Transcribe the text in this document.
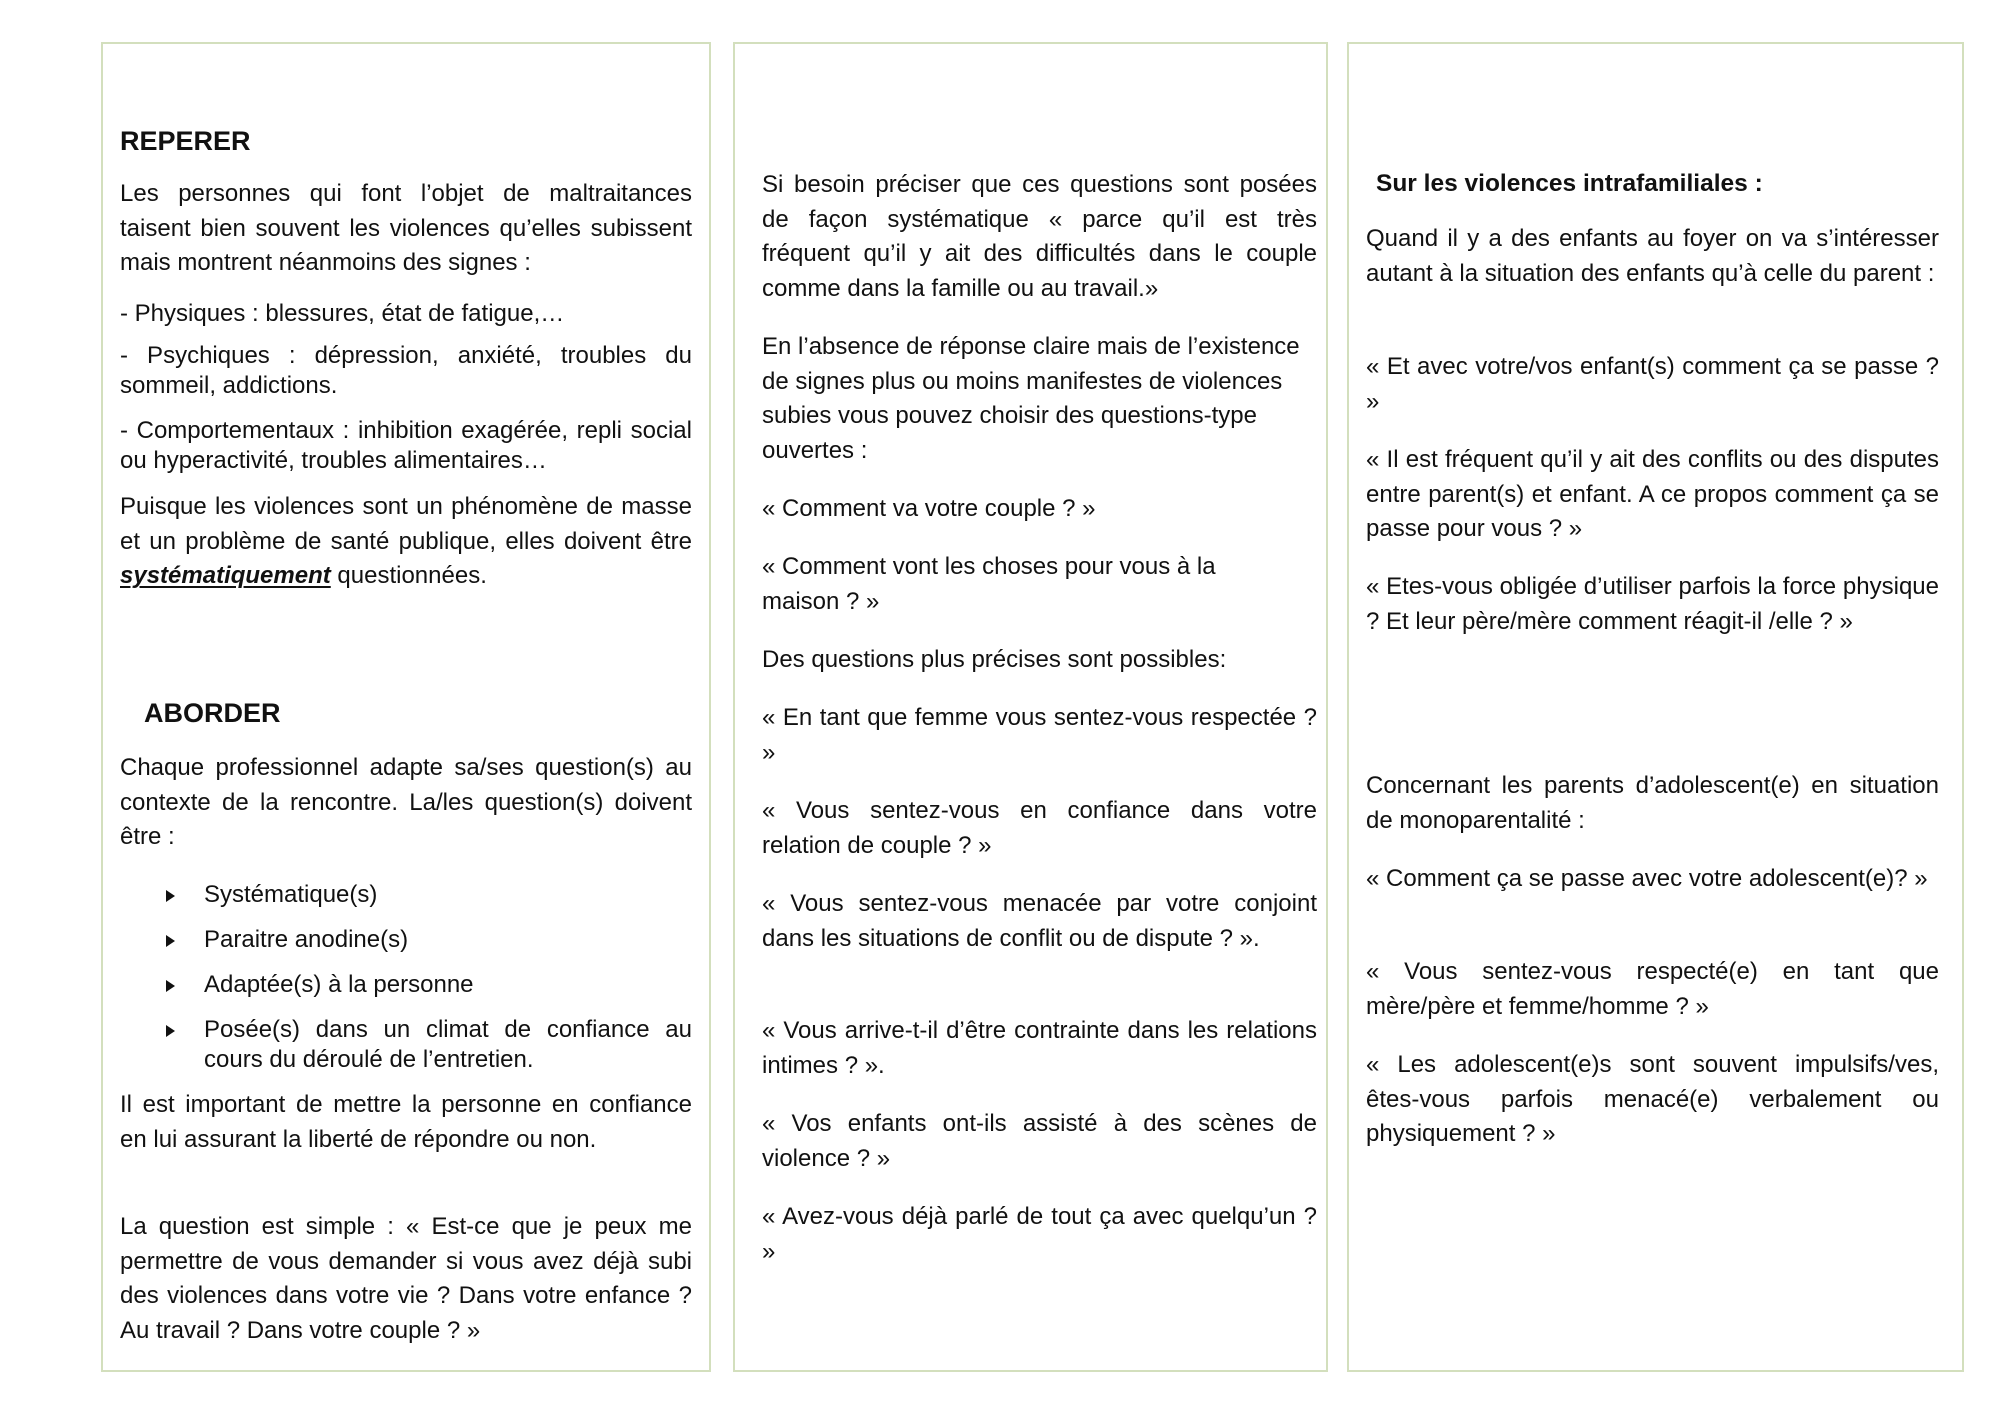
REPERER

Les personnes qui font l’objet de maltraitances taisent bien souvent les violences qu’elles subissent mais montrent néanmoins des signes :

- Physiques : blessures, état de fatigue,…

- Psychiques : dépression, anxiété, troubles du sommeil, addictions.

- Comportementaux : inhibition exagérée, repli social ou hyperactivité, troubles alimentaires…

Puisque les violences sont un phénomène de masse et un problème de santé publique, elles doivent être systématiquement questionnées.

ABORDER

Chaque professionnel adapte sa/ses question(s) au contexte de la rencontre. La/les question(s) doivent être :

Systématique(s)
Paraitre anodine(s)
Adaptée(s) à la personne
Posée(s) dans un climat de confiance au cours du déroulé de l’entretien.

Il est important de mettre la personne en confiance en lui assurant la liberté de répondre ou non.

La question est simple : « Est-ce que je peux me permettre de vous demander si vous avez déjà subi des violences dans votre vie ? Dans votre enfance ? Au travail ? Dans votre couple ? »

Si besoin préciser que ces questions sont posées de façon systématique « parce qu’il est très fréquent qu’il y ait des difficultés dans le couple comme dans la famille ou au travail.»

En l’absence de réponse claire mais de l’existence de signes plus ou moins manifestes de violences subies vous pouvez choisir des questions-type ouvertes :

« Comment va votre couple ? »

« Comment vont les choses pour vous à la maison ? »

Des questions plus précises sont possibles:

« En tant que femme vous sentez-vous respectée ? »

« Vous sentez-vous en confiance dans votre relation de couple ? »

« Vous sentez-vous menacée par votre conjoint dans les situations de conflit ou de dispute ? ».

« Vous arrive-t-il d’être contrainte dans les relations intimes ? ».

« Vos enfants ont-ils assisté à des scènes de violence ? »

« Avez-vous déjà parlé de tout ça avec quelqu’un ? »

Sur les violences intrafamiliales :

Quand il y a des enfants au foyer on va s’intéresser autant à la situation des enfants qu’à celle du parent :

« Et avec votre/vos enfant(s) comment ça se passe ? »

« Il est fréquent qu’il y ait des conflits ou des disputes entre parent(s) et enfant. A ce propos comment ça se passe pour vous ? »

« Etes-vous obligée d’utiliser parfois la force physique ? Et leur père/mère comment réagit-il /elle ? »

Concernant les parents d’adolescent(e) en situation de monoparentalité :

« Comment ça se passe avec votre adolescent(e)? »

« Vous sentez-vous respecté(e) en tant que mère/père et femme/homme ? »

« Les adolescent(e)s sont souvent impulsifs/ves, êtes-vous parfois menacé(e) verbalement ou physiquement ? »
